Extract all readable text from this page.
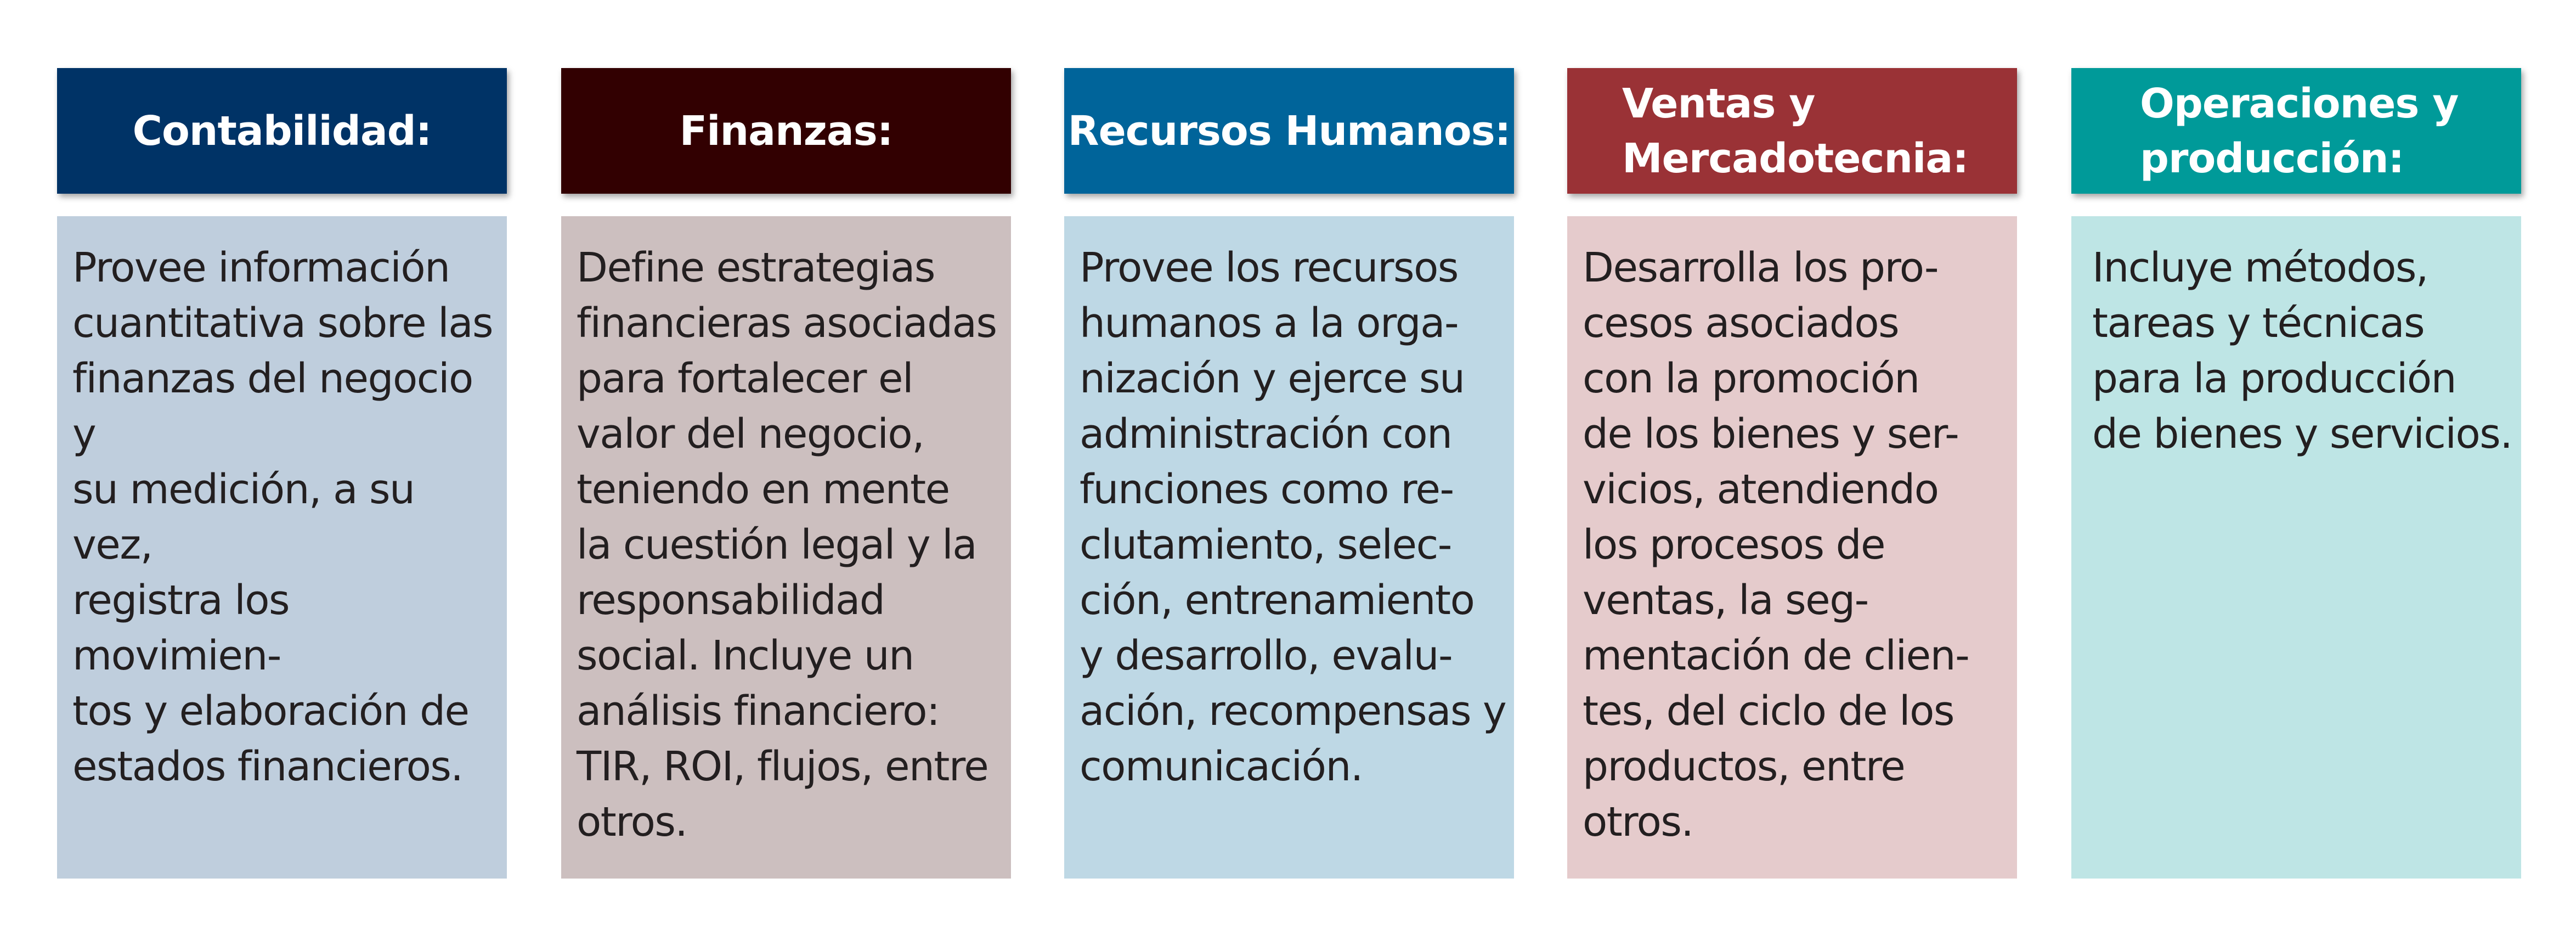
Contabilidad:
Provee información
cuantitativa sobre las
finanzas del negocio y
su medición, a su vez,
registra los movimien-
tos y elaboración de
estados financieros.
Finanzas:
Define estrategias
financieras asociadas
para fortalecer el
valor del negocio,
teniendo en mente
la cuestión legal y la
responsabilidad
social. Incluye un
análisis financiero:
TIR, ROI, flujos, entre
otros.
Recursos Humanos:
Provee los recursos
humanos a la orga-
nización y ejerce su
administración con
funciones como re-
clutamiento, selec-
ción, entrenamiento
y desarrollo, evalu-
ación, recompensas y
comunicación.
Ventas y
Mercadotecnia:
Desarrolla los pro-
cesos asociados
con la promoción
de los bienes y ser-
vicios, atendiendo
los procesos de
ventas, la seg-
mentación de clien-
tes, del ciclo de los
productos, entre
otros.
Operaciones y
producción:
Incluye métodos,
tareas y técnicas
para la producción
de bienes y servicios.
